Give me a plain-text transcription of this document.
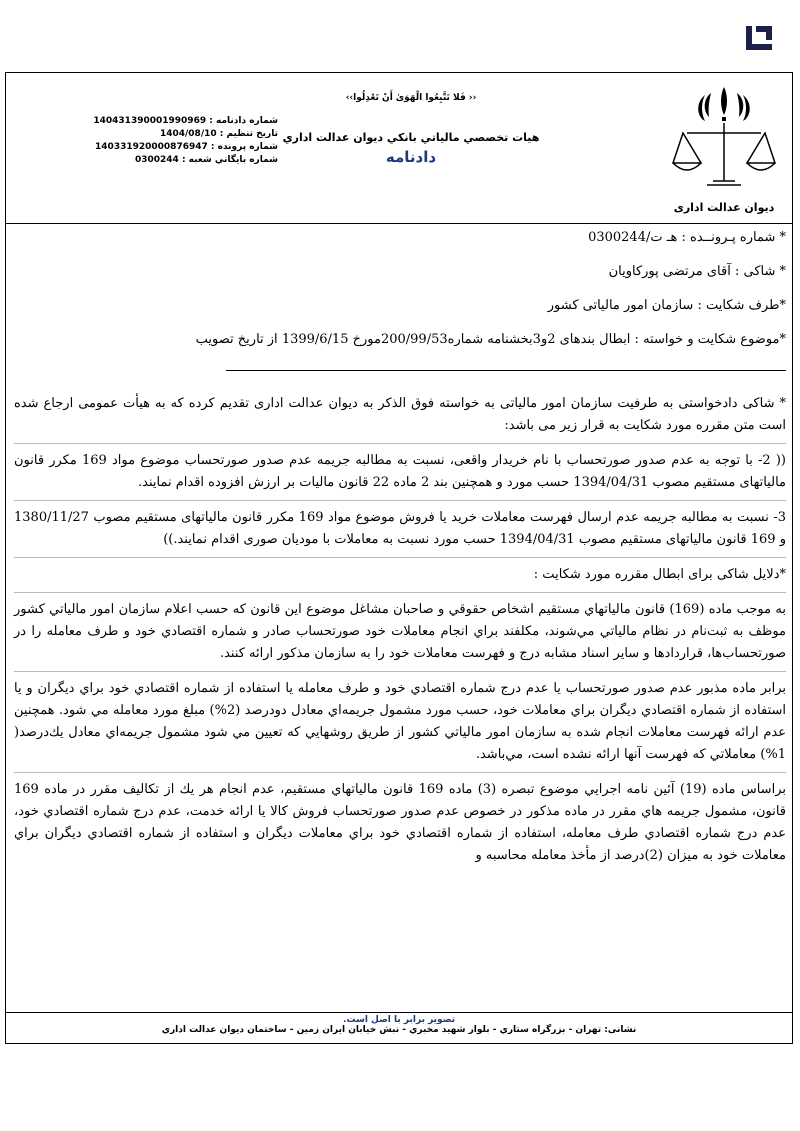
دیوان عدالت اداری
‹‹فَلا تَتَّبِعُوا الْهَوَىٰ أَنْ تَعْدِلُوا ››
هيات تخصصي مالياتي بانکي ديوان عدالت اداري
دادنامه
شماره دادنامه : 140431390001990969
تاريخ تنظيم : 1404/08/10
شماره پرونده : 140331920000876947
شماره بايگاني شعبه : 0300244
* شماره پـرونــده : هـ ت/0300244
* شاکی : آقای مرتضی پورکاویان
*طرف شکایت : سازمان امور مالیاتی کشور
*موضوع شکایت و خواسته : ابطال بندهای 2و3بخشنامه شماره200/99/53مورخ 1399/6/15 از تاریخ تصویب

* شاکی دادخواستی به طرفیت سازمان امور مالیاتی به خواسته فوق الذکر به دیوان عدالت اداری تقدیم کرده که به هیأت عمومی ارجاع شده است متن مقرره مورد شکایت به قرار زیر می باشد:

(( 2- با توجه به عدم صدور صورتحساب با نام خریدار واقعی، نسبت به مطالبه جریمه عدم صدور صورتحساب موضوع مواد 169 مکرر قانون مالیاتهای مستقیم مصوب 1394/04/31 حسب مورد و همچنین بند 2 ماده 22 قانون مالیات بر ارزش افزوده اقدام نمایند.

3- نسبت به مطالبه جریمه عدم ارسال فهرست معاملات خرید یا فروش موضوع مواد 169 مکرر قانون مالیاتهای مستقیم مصوب 1380/11/27 و 169 قانون مالیاتهای مستقیم مصوب 1394/04/31 حسب مورد نسبت به معاملات با مودیان صوری اقدام نمایند.))

*دلایل شاکی برای ابطال مقرره مورد شکایت :

به موجب ماده (169) قانون مالياتهاي مستقيم اشخاص حقوقي و صاحبان مشاغل موضوع اين قانون كه حسب اعلام سازمان امور مالياتي كشور موظف به ثبت‌نام در نظام مالياتي مي‌شوند، مكلفند براي انجام معاملات خود صورتحساب صادر و شماره اقتصادي خود و طرف معامله را در صورتحساب‌ها، قراردادها و ساير اسناد مشابه درج و فهرست معاملات خود را به سازمان مذكور ارائه كنند.

برابر ماده مذبور عدم صدور صورتحساب يا عدم درج شماره اقتصادي خود و طرف معامله يا استفاده از شماره اقتصادي خود براي ديگران و يا استفاده از شماره اقتصادي ديگران براي معاملات خود، حسب مورد مشمول جريمه‌اي معادل دودرصد (2%) مبلغ مورد معامله مي شود. همچنين عدم ارائه فهرست معاملات انجام شده به سازمان امور مالياتي كشور از طريق روشهايي كه تعيين مي شود مشمول جريمه‌اي معادل يك‌درصد( 1%) معاملاتي كه فهرست آنها ارائه نشده است، مي‌باشد.

براساس ماده (19) آئين نامه اجرايي موضوع تبصره (3) ماده 169 قانون مالياتهاي مستقيم، عدم انجام هر يك از تكاليف مقرر در ماده 169 قانون، مشمول جريمه هاي مقرر در ماده مذكور در خصوص عدم صدور صورتحساب فروش كالا يا ارائه خدمت، عدم درج شماره اقتصادي خود، عدم درج شماره اقتصادي طرف معامله، استفاده از شماره اقتصادي خود براي معاملات ديگران و استفاده از شماره اقتصادي ديگران براي معاملات خود به ميزان (2)درصد از مأخذ معامله محاسبه و

تصویر برابر با اصل است.
نشانی: تهران - بزرگراه ستاري - بلوار شهيد مخبري - نبش خيابان ايران زمين - ساختمان ديوان عدالت اداري
